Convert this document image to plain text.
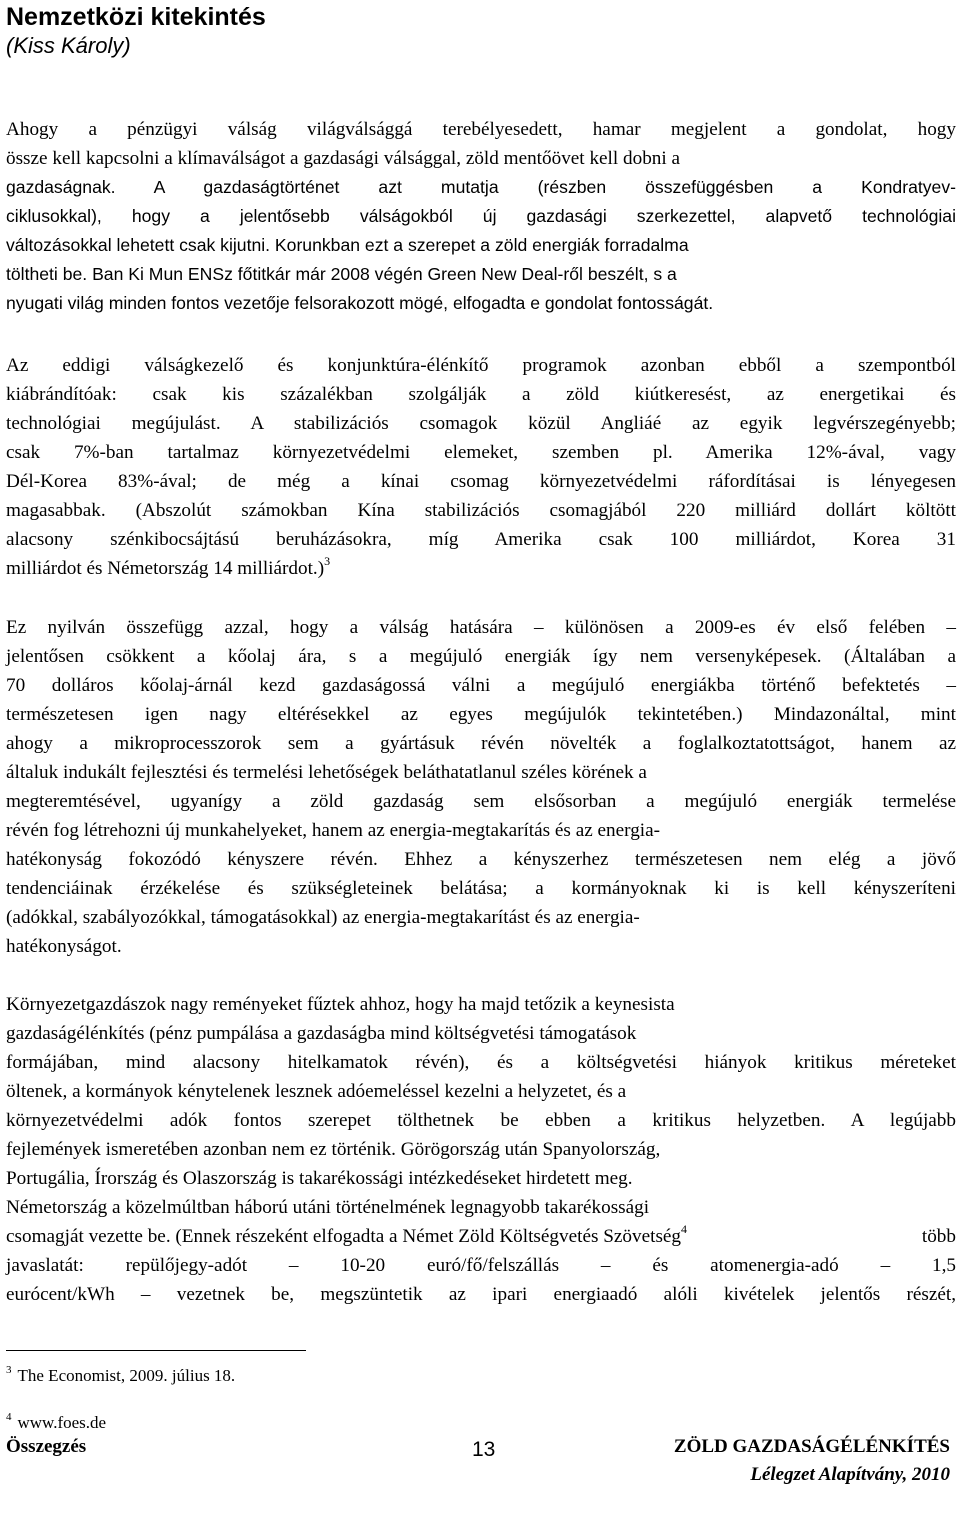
Nemzetközi kitekintés
(Kiss Károly)
Ahogy a pénzügyi válság világválsággá terebélyesedett, hamar megjelent a gondolat, hogy
össze kell kapcsolni a klímaválságot a gazdasági válsággal, zöld mentőövet kell dobni a
gazdaságnak. A gazdaságtörténet azt mutatja (részben összefüggésben a Kondratyev-
ciklusokkal), hogy a jelentősebb válságokból új gazdasági szerkezettel, alapvető technológiai
változásokkal lehetett csak kijutni. Korunkban ezt a szerepet a zöld energiák forradalma
töltheti be. Ban Ki Mun ENSz főtitkár már 2008 végén Green New Deal-ről beszélt, s a
nyugati világ minden fontos vezetője felsorakozott mögé, elfogadta e gondolat fontosságát.
Az eddigi válságkezelő és konjunktúra-élénkítő programok azonban ebből a szempontból
kiábrándítóak: csak kis százalékban szolgálják a zöld kiútkeresést, az energetikai és
technológiai megújulást. A stabilizációs csomagok közül Angliáé az egyik legvérszegényebb;
csak 7%-ban tartalmaz környezetvédelmi elemeket, szemben pl. Amerika 12%-ával, vagy
Dél-Korea 83%-ával; de még a kínai csomag környezetvédelmi ráfordításai is lényegesen
magasabbak. (Abszolút számokban Kína stabilizációs csomagjából 220 milliárd dollárt költött
alacsony szénkibocsájtású beruházásokra, míg Amerika csak 100 milliárdot, Korea 31
milliárdot és Németország 14 milliárdot.)$^3$
Ez nyilván összefügg azzal, hogy a válság hatására – különösen a 2009-es év első felében –
jelentősen csökkent a kőolaj ára, s a megújuló energiák így nem versenyképesek. (Általában a
70 dolláros kőolaj-árnál kezd gazdaságossá válni a megújuló energiákba történő befektetés –
természetesen igen nagy eltérésekkel az egyes megújulók tekintetében.) Mindazonáltal, mint
ahogy a mikroprocesszorok sem a gyártásuk révén növelték a foglalkoztatottságot, hanem az
általuk indukált fejlesztési és termelési lehetőségek beláthatatlanul széles körének a
megteremtésével, ugyanígy a zöld gazdaság sem elsősorban a megújuló energiák termelése
révén fog létrehozni új munkahelyeket, hanem az energia-megtakarítás és az energia-
hatékonyság fokozódó kényszere révén. Ehhez a kényszerhez természetesen nem elég a jövő
tendenciáinak érzékelése és szükségleteinek belátása; a kormányoknak ki is kell kényszeríteni
(adókkal, szabályozókkal, támogatásokkal) az energia-megtakarítást és az energia-
hatékonyságot.
Környezetgazdászok nagy reményeket fűztek ahhoz, hogy ha majd tetőzik a keynesista
gazdaságélénkítés (pénz pumpálása a gazdaságba mind költségvetési támogatások
formájában, mind alacsony hitelkamatok révén), és a költségvetési hiányok kritikus méreteket
öltenek, a kormányok kénytelenek lesznek adóemeléssel kezelni a helyzetet, és a
környezetvédelmi adók fontos szerepet tölthetnek be ebben a kritikus helyzetben. A legújabb
fejlemények ismeretében azonban nem ez történik. Görögország után Spanyolország,
Portugália, Írország és Olaszország is takarékossági intézkedéseket hirdetett meg.
Németország a közelmúltban háború utáni történelmének legnagyobb takarékossági
csomagját vezette be. (Ennek részeként elfogadta a Német Zöld Költségvetés Szövetség$^4$	több
javaslatát: repülőjegy-adót – 10-20 euró/fő/felszállás – és atomenergia-adó – 1,5
eurócent/kWh – vezetnek be, megszüntetik az ipari energiaadó alóli kivételek jelentős részét,
$^3$ The Economist, 2009. július 18.
$^4$ www.foes.de
Összegzés	13	ZÖLD GAZDASÁGÉLÉNKÍTÉS
Lélegzet Alapítvány, 2010
